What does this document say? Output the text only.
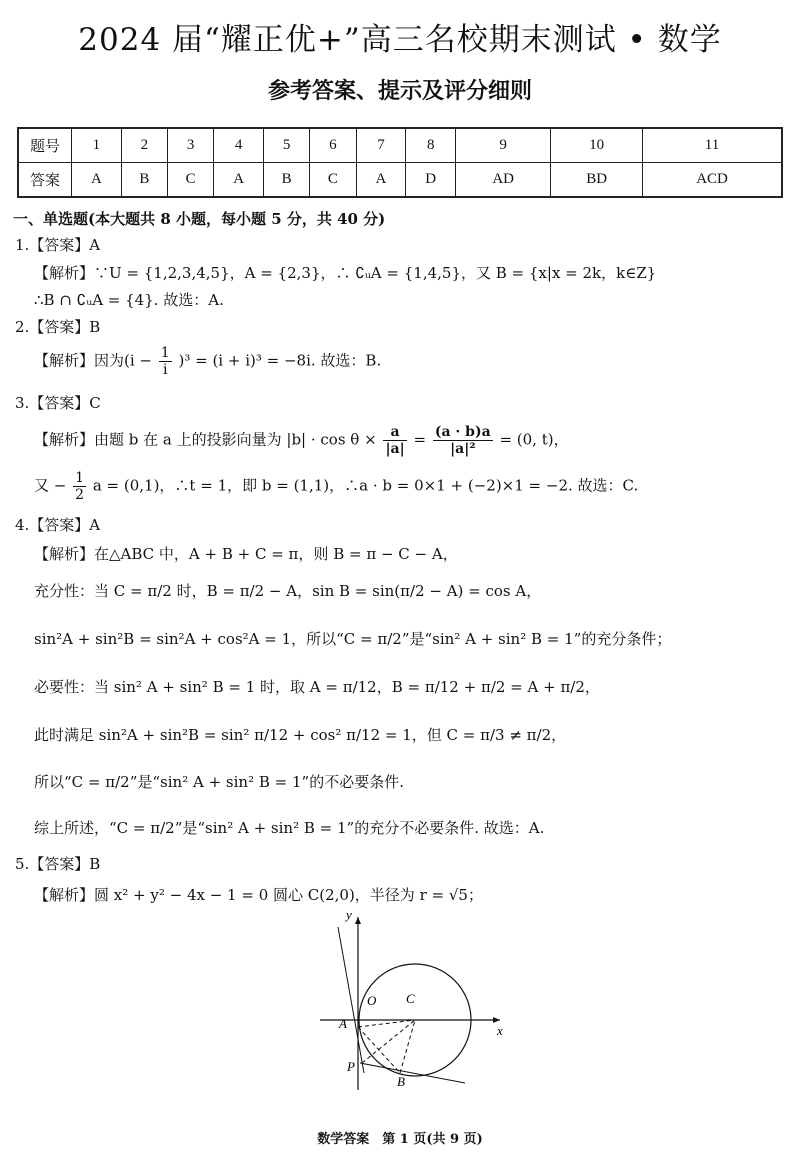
2024 届“耀正优+”高三名校期末测试 • 数学
参考答案、提示及评分细则
题号	1	2	3	4	5	6	7	8	9	10	11
答案	A	B	C	A	B	C	A	D	AD	BD	ACD
一、单选题(本大题共 8 小题，每小题 5 分，共 40 分)
1.【答案】A
【解析】∵U = {1,2,3,4,5}，A = {2,3}，∴ ∁ᵤA = {1,4,5}，又 B = {x|x = 2k，k∈Z}
∴B ∩ ∁ᵤA = {4}. 故选：A.
2.【答案】B
【解析】因为$(i - \frac{1}{i} )^3 = (i + i)^3 = -8i$. 故选：B.
3.【答案】C
【解析】由题 b 在 a 上的投影向量为 $|b| \cdot \cos \theta \times \frac{a}{|a|} = \frac{(a \cdot b)a}{\text{|a|²}} = (0$, t)，
又 − $\frac{1}{2}$ a = (0,1)，∴t = 1，即 b = (1,1)，∴a · b = 0×1 + (−2)×1 = −2. 故选：C.
4.【答案】A
【解析】在△ABC 中，A + B + C = π，则 B = π − C − A，
充分性：当 C = π/2 时，B = π/2 − A，sin B = sin(π/2 − A) = cos A，
sin²A + sin²B = sin²A + cos²A = 1，所以“C = π/2”是“sin² A + sin² B = 1”的充分条件；
必要性：当 sin² A + sin² B = 1 时，取 A = π/12，B = π/12 + π/2 = A + π/2，
此时满足 sin²A + sin²B = sin² π/12 + cos² π/12 = 1，但 C = π/3 ≠ π/2，
所以“C = π/2”是“sin² A + sin² B = 1”的不必要条件.
综上所述，“C = π/2”是“sin² A + sin² B = 1”的充分不必要条件. 故选：A.
5.【答案】B
【解析】圆 x² + y² − 4x − 1 = 0 圆心 C(2,0)，半径为 r = √5；
x
y
O C
A
P
B
数学答案　第 1 页(共 9 页)
